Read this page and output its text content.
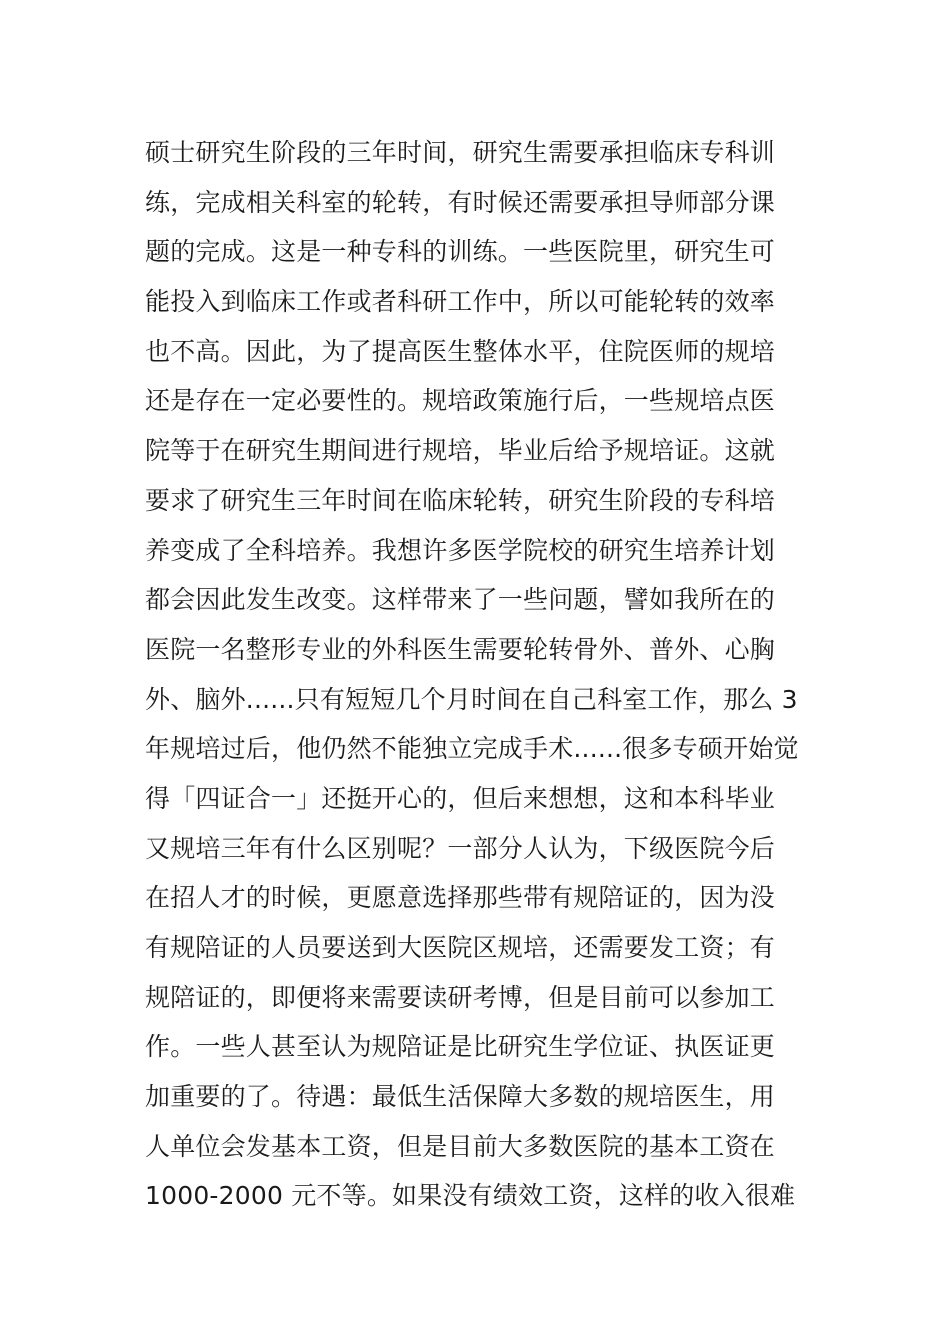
硕士研究生阶段的三年时间，研究生需要承担临床专科训
练，完成相关科室的轮转，有时候还需要承担导师部分课
题的完成。这是一种专科的训练。一些医院里，研究生可
能投入到临床工作或者科研工作中，所以可能轮转的效率
也不高。因此，为了提高医生整体水平，住院医师的规培
还是存在一定必要性的。规培政策施行后，一些规培点医
院等于在研究生期间进行规培，毕业后给予规培证。这就
要求了研究生三年时间在临床轮转，研究生阶段的专科培
养变成了全科培养。我想许多医学院校的研究生培养计划
都会因此发生改变。这样带来了一些问题，譬如我所在的
医院一名整形专业的外科医生需要轮转骨外、普外、心胸
外、脑外......只有短短几个月时间在自己科室工作，那么 3
年规培过后，他仍然不能独立完成手术......很多专硕开始觉
得「四证合一」还挺开心的，但后来想想，这和本科毕业
又规培三年有什么区别呢？一部分人认为，下级医院今后
在招人才的时候，更愿意选择那些带有规陪证的，因为没
有规陪证的人员要送到大医院区规培，还需要发工资；有
规陪证的，即便将来需要读研考博，但是目前可以参加工
作。一些人甚至认为规陪证是比研究生学位证、执医证更
加重要的了。待遇：最低生活保障大多数的规培医生，用
人单位会发基本工资，但是目前大多数医院的基本工资在
1000-2000 元不等。如果没有绩效工资，这样的收入很难
